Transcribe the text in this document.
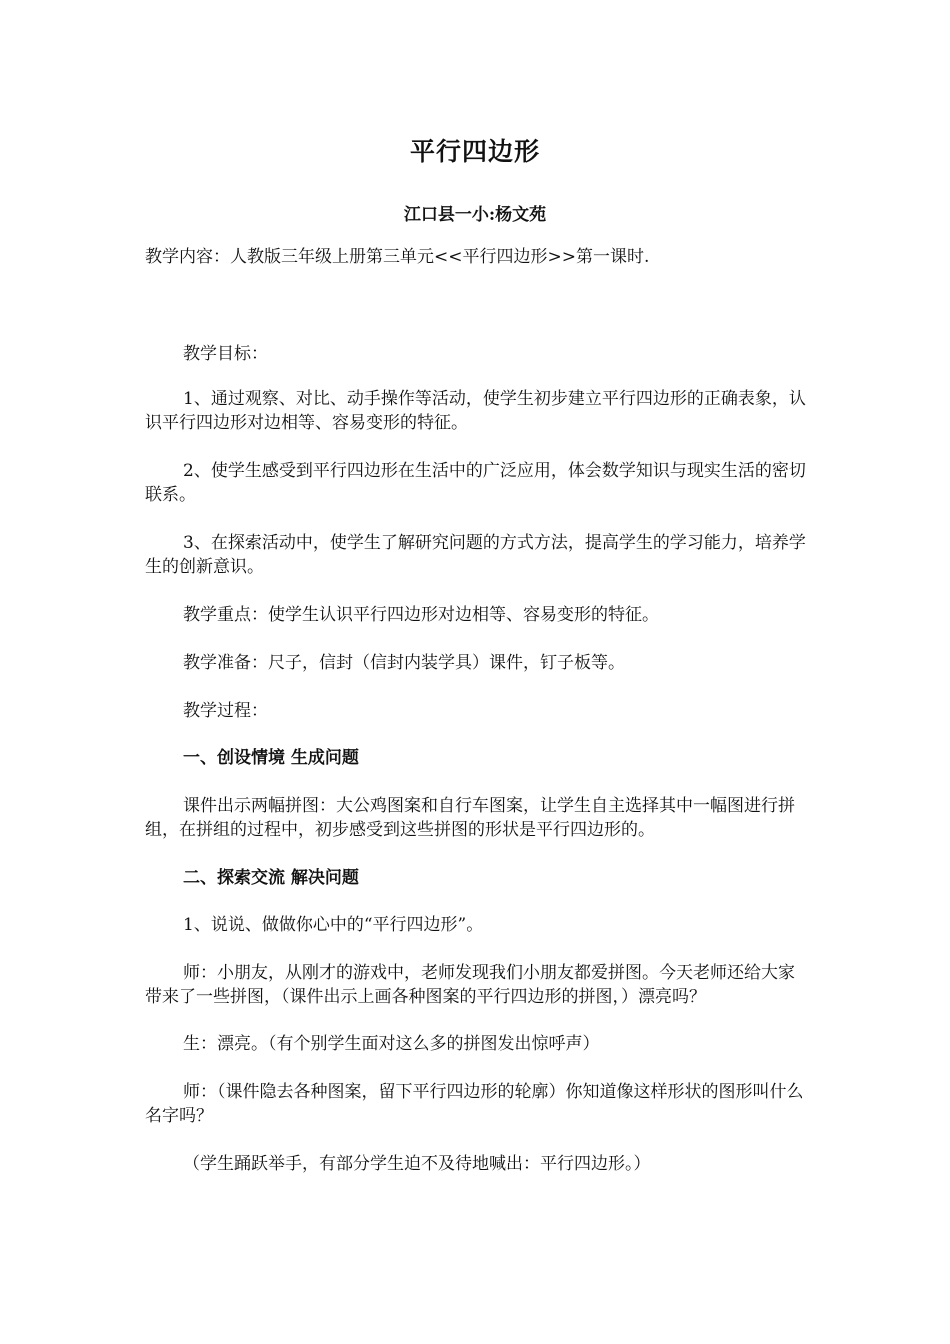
平行四边形
江口县一小:杨文苑

教学内容：人教版三年级上册第三单元<<平行四边形>>第一课时.

教学目标：

1、通过观察、对比、动手操作等活动，使学生初步建立平行四边形的正确表象，认识平行四边形对边相等、容易变形的特征。

2、使学生感受到平行四边形在生活中的广泛应用，体会数学知识与现实生活的密切联系。

3、在探索活动中，使学生了解研究问题的方式方法，提高学生的学习能力，培养学生的创新意识。

教学重点：使学生认识平行四边形对边相等、容易变形的特征。

教学准备：尺子，信封（信封内装学具）课件，钉子板等。

教学过程：

一、创设情境 生成问题

课件出示两幅拼图：大公鸡图案和自行车图案，让学生自主选择其中一幅图进行拼组，在拼组的过程中，初步感受到这些拼图的形状是平行四边形的。

二、探索交流 解决问题

1、说说、做做你心中的“平行四边形”。

师：小朋友，从刚才的游戏中，老师发现我们小朋友都爱拼图。今天老师还给大家带来了一些拼图，（课件出示上画各种图案的平行四边形的拼图，）漂亮吗？

生：漂亮。（有个别学生面对这么多的拼图发出惊呼声）

师：（课件隐去各种图案，留下平行四边形的轮廓）你知道像这样形状的图形叫什么名字吗？

（学生踊跃举手，有部分学生迫不及待地喊出：平行四边形。）
